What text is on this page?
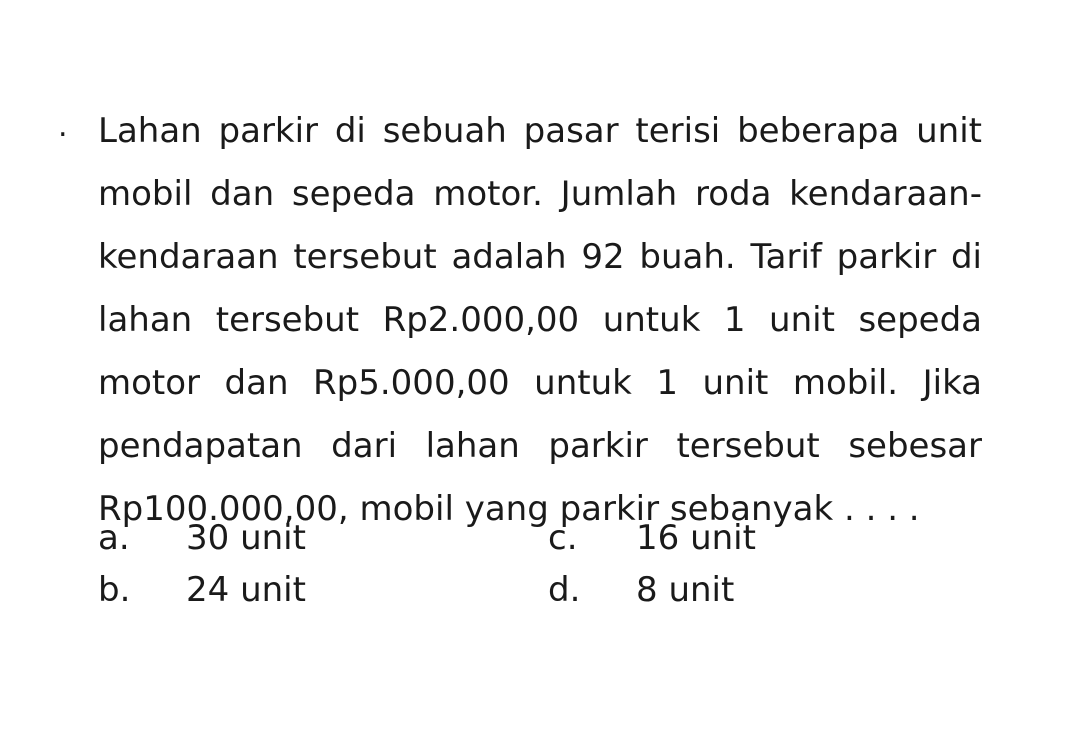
. Lahan parkir di sebuah pasar terisi beberapa unit mobil dan sepeda motor. Jumlah roda kendaraan-kendaraan tersebut adalah 92 buah. Tarif parkir di lahan tersebut Rp2.000,00 untuk 1 unit sepeda motor dan Rp5.000,00 untuk 1 unit mobil. Jika pendapatan dari lahan parkir tersebut sebesar Rp100.000,00, mobil yang parkir sebanyak . . . .
a.	30 unit	c.	16 unit
b.	24 unit	d.	8 unit
